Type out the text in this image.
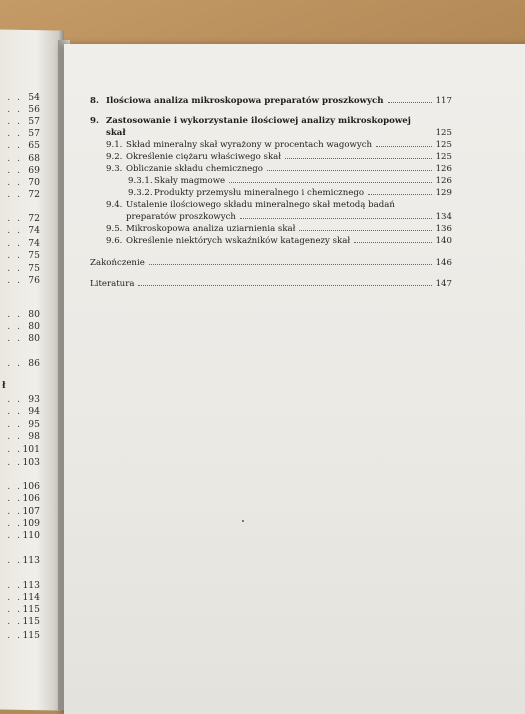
. . 54
. . 56
. . 57
. . 57
. . 65
. . 68
. . 69
. . 70
. . 72
. . 72
. . 74
. . 74
. . 75
. . 75
. . 76
. . 80
. . 80
. . 80
. . 86
. . 93
. . 94
. . 95
. . 98
. .101
. .103
. .106
. .106
. .107
. .109
. .110
. .113
. .113
. .114
. .115
. .115
. .115
ł
8. Ilościowa analiza mikroskopowa preparatów proszkowych	117
9. Zastosowanie i wykorzystanie ilościowej analizy mikroskopowej
skał	125
9.1. Skład mineralny skał wyrażony w procentach wagowych	125
9.2. Określenie ciężaru właściwego skał	125
9.3. Obliczanie składu chemicznego	126
9.3.1. Skały magmowe	126
9.3.2. Produkty przemysłu mineralnego i chemicznego	129
9.4. Ustalenie ilościowego składu mineralnego skał metodą badań
preparatów proszkowych	134
9.5. Mikroskopowa analiza uziarnienia skał	136
9.6. Określenie niektórych wskaźników katagenezy skał	140
Zakończenie	146
Literatura	147
